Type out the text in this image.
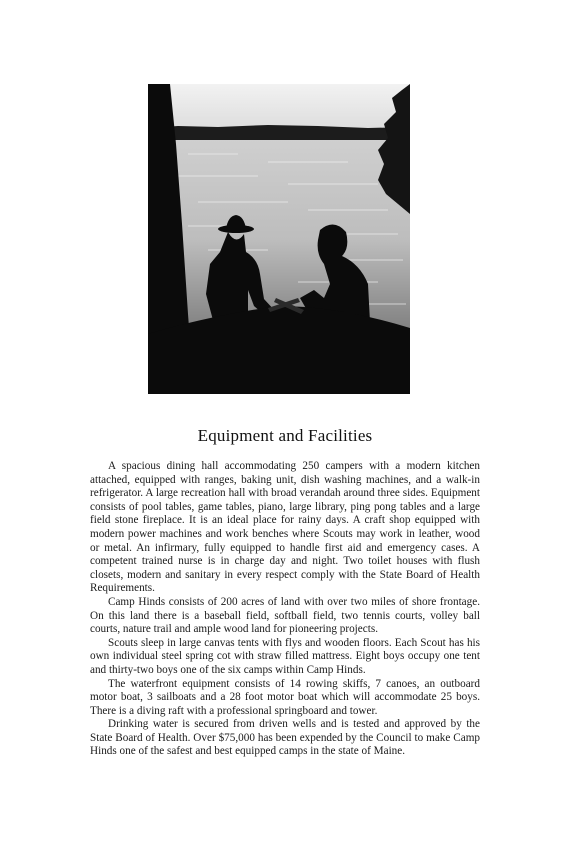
Equipment and Facilities

A spacious dining hall accommodating 250 campers with a modern kitchen attached, equipped with ranges, baking unit, dish washing machines, and a walk-in refrigerator. A large recreation hall with broad verandah around three sides. Equipment consists of pool tables, game tables, piano, large library, ping pong tables and a large field stone fireplace. It is an ideal place for rainy days. A craft shop equipped with modern power machines and work benches where Scouts may work in leather, wood or metal. An infirmary, fully equipped to handle first aid and emergency cases. A competent trained nurse is in charge day and night. Two toilet houses with flush closets, modern and sanitary in every respect comply with the State Board of Health Requirements.

Camp Hinds consists of 200 acres of land with over two miles of shore frontage. On this land there is a baseball field, softball field, two tennis courts, volley ball courts, nature trail and ample wood land for pioneering projects.

Scouts sleep in large canvas tents with flys and wooden floors. Each Scout has his own individual steel spring cot with straw filled mattress. Eight boys occupy one tent and thirty-two boys one of the six camps within Camp Hinds.

The waterfront equipment consists of 14 rowing skiffs, 7 canoes, an outboard motor boat, 3 sailboats and a 28 foot motor boat which will accommodate 25 boys. There is a diving raft with a professional springboard and tower.

Drinking water is secured from driven wells and is tested and approved by the State Board of Health. Over $75,000 has been expended by the Council to make Camp Hinds one of the safest and best equipped camps in the state of Maine.
